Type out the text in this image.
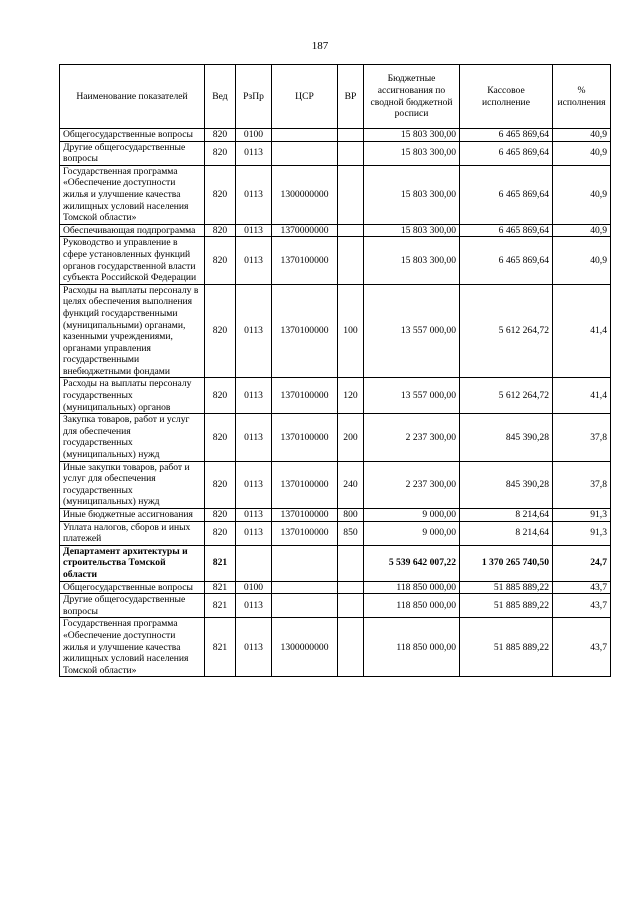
187
Наименование показателей	Вед	РзПр	ЦСР	ВР	Бюджетные ассигнования по сводной бюджетной росписи	Кассовое исполнение	% исполнения
Общегосударственные вопросы	820	0100			15 803 300,00	6 465 869,64	40,9
Другие общегосударственные вопросы	820	0113			15 803 300,00	6 465 869,64	40,9
Государственная программа «Обеспечение доступности жилья и улучшение качества жилищных условий населения Томской области»	820	0113	1300000000		15 803 300,00	6 465 869,64	40,9
Обеспечивающая подпрограмма	820	0113	1370000000		15 803 300,00	6 465 869,64	40,9
Руководство и управление в сфере установленных функций органов государственной власти субъекта Российской Федерации	820	0113	1370100000		15 803 300,00	6 465 869,64	40,9
Расходы на выплаты персоналу в целях обеспечения выполнения функций государственными (муниципальными) органами, казенными учреждениями, органами управления государственными внебюджетными фондами	820	0113	1370100000	100	13 557 000,00	5 612 264,72	41,4
Расходы на выплаты персоналу государственных (муниципальных) органов	820	0113	1370100000	120	13 557 000,00	5 612 264,72	41,4
Закупка товаров, работ и услуг для обеспечения государственных (муниципальных) нужд	820	0113	1370100000	200	2 237 300,00	845 390,28	37,8
Иные закупки товаров, работ и услуг для обеспечения государственных (муниципальных) нужд	820	0113	1370100000	240	2 237 300,00	845 390,28	37,8
Иные бюджетные ассигнования	820	0113	1370100000	800	9 000,00	8 214,64	91,3
Уплата налогов, сборов и иных платежей	820	0113	1370100000	850	9 000,00	8 214,64	91,3
Департамент архитектуры и строительства Томской области	821				5 539 642 007,22	1 370 265 740,50	24,7
Общегосударственные вопросы	821	0100			118 850 000,00	51 885 889,22	43,7
Другие общегосударственные вопросы	821	0113			118 850 000,00	51 885 889,22	43,7
Государственная программа «Обеспечение доступности жилья и улучшение качества жилищных условий населения Томской области»	821	0113	1300000000		118 850 000,00	51 885 889,22	43,7
